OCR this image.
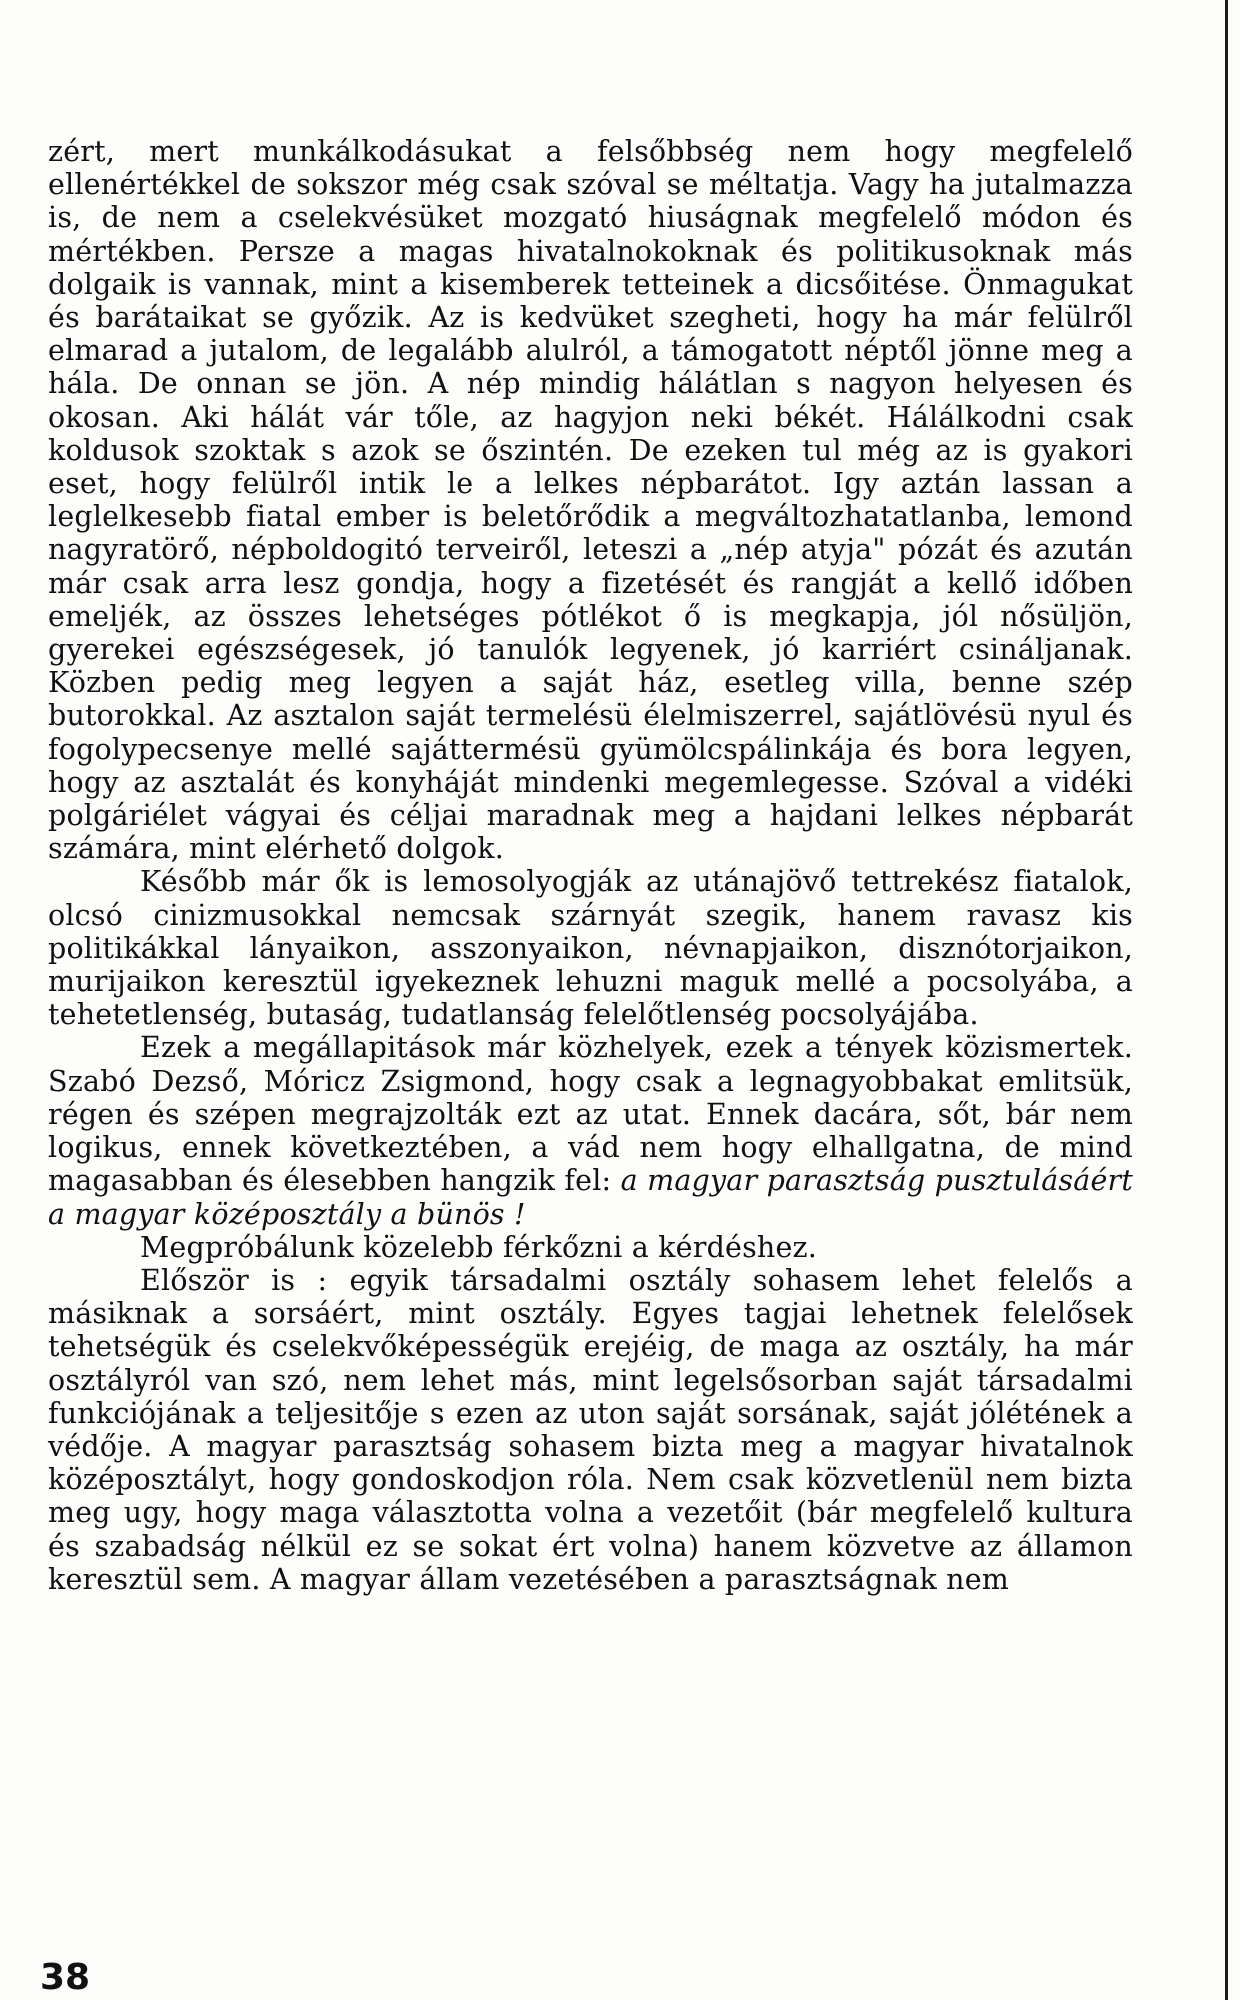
zért, mert munkálkodásukat a felsőbbség nem hogy megfelelő ellenértékkel de sokszor még csak szóval se méltatja. Vagy ha jutalmazza is, de nem a cselekvésüket mozgató hiuságnak megfelelő módon és mértékben. Persze a magas hivatalnokoknak és politikusoknak más dolgaik is vannak, mint a kisemberek tetteinek a dicsőitése. Önmagukat és barátaikat se győzik. Az is kedvüket szegheti, hogy ha már felülről elmarad a jutalom, de legalább alulról, a támogatott néptől jönne meg a hála. De onnan se jön. A nép mindig hálátlan s nagyon helyesen és okosan. Aki hálát vár tőle, az hagyjon neki békét. Hálálkodni csak koldusok szoktak s azok se őszintén. De ezeken tul még az is gyakori eset, hogy felülről intik le a lelkes népbarátot. Igy aztán lassan a leglelkesebb fiatal ember is beletőrődik a megváltozhatatlanba, lemond nagyratörő, népboldogitó terveiről, leteszi a „nép atyja" pózát és azután már csak arra lesz gondja, hogy a fizetését és rangját a kellő időben emeljék, az összes lehetséges pótlékot ő is megkapja, jól nősüljön, gyerekei egészségesek, jó tanulók legyenek, jó karriért csináljanak. Közben pedig meg legyen a saját ház, esetleg villa, benne szép butorokkal. Az asztalon saját termelésü élelmiszerrel, sajátlövésü nyul és fogolypecsenye mellé sajáttermésü gyümölcspálinkája és bora legyen, hogy az asztalát és konyháját mindenki megemlegesse. Szóval a vidéki polgáriélet vágyai és céljai maradnak meg a hajdani lelkes népbarát számára, mint elérhető dolgok.

Később már ők is lemosolyogják az utánajövő tettrekész fiatalok, olcsó cinizmusokkal nemcsak szárnyát szegik, hanem ravasz kis politikákkal lányaikon, asszonyaikon, névnapjaikon, disznótorjaikon, murijaikon keresztül igyekeznek lehuzni maguk mellé a pocsolyába, a tehetetlenség, butaság, tudatlanság felelőtlenség pocsolyájába.

Ezek a megállapitások már közhelyek, ezek a tények közismertek. Szabó Dezső, Móricz Zsigmond, hogy csak a legnagyobbakat emlitsük, régen és szépen megrajzolták ezt az utat. Ennek dacára, sőt, bár nem logikus, ennek következtében, a vád nem hogy elhallgatna, de mind magasabban és élesebben hangzik fel: a magyar parasztság pusztulásáért a magyar középosztály a bünös !

Megpróbálunk közelebb férkőzni a kérdéshez.

Először is : egyik társadalmi osztály sohasem lehet felelős a másiknak a sorsáért, mint osztály. Egyes tagjai lehetnek felelősek tehetségük és cselekvőképességük erejéig, de maga az osztály, ha már osztályról van szó, nem lehet más, mint legelsősorban saját társadalmi funkciójának a teljesitője s ezen az uton saját sorsának, saját jólétének a védője. A magyar parasztság sohasem bizta meg a magyar hivatalnok középosztályt, hogy gondoskodjon róla. Nem csak közvetlenül nem bizta meg ugy, hogy maga választotta volna a vezetőit (bár megfelelő kultura és szabadság nélkül ez se sokat ért volna) hanem közvetve az államon keresztül sem. A magyar állam vezetésében a parasztságnak nem

38
